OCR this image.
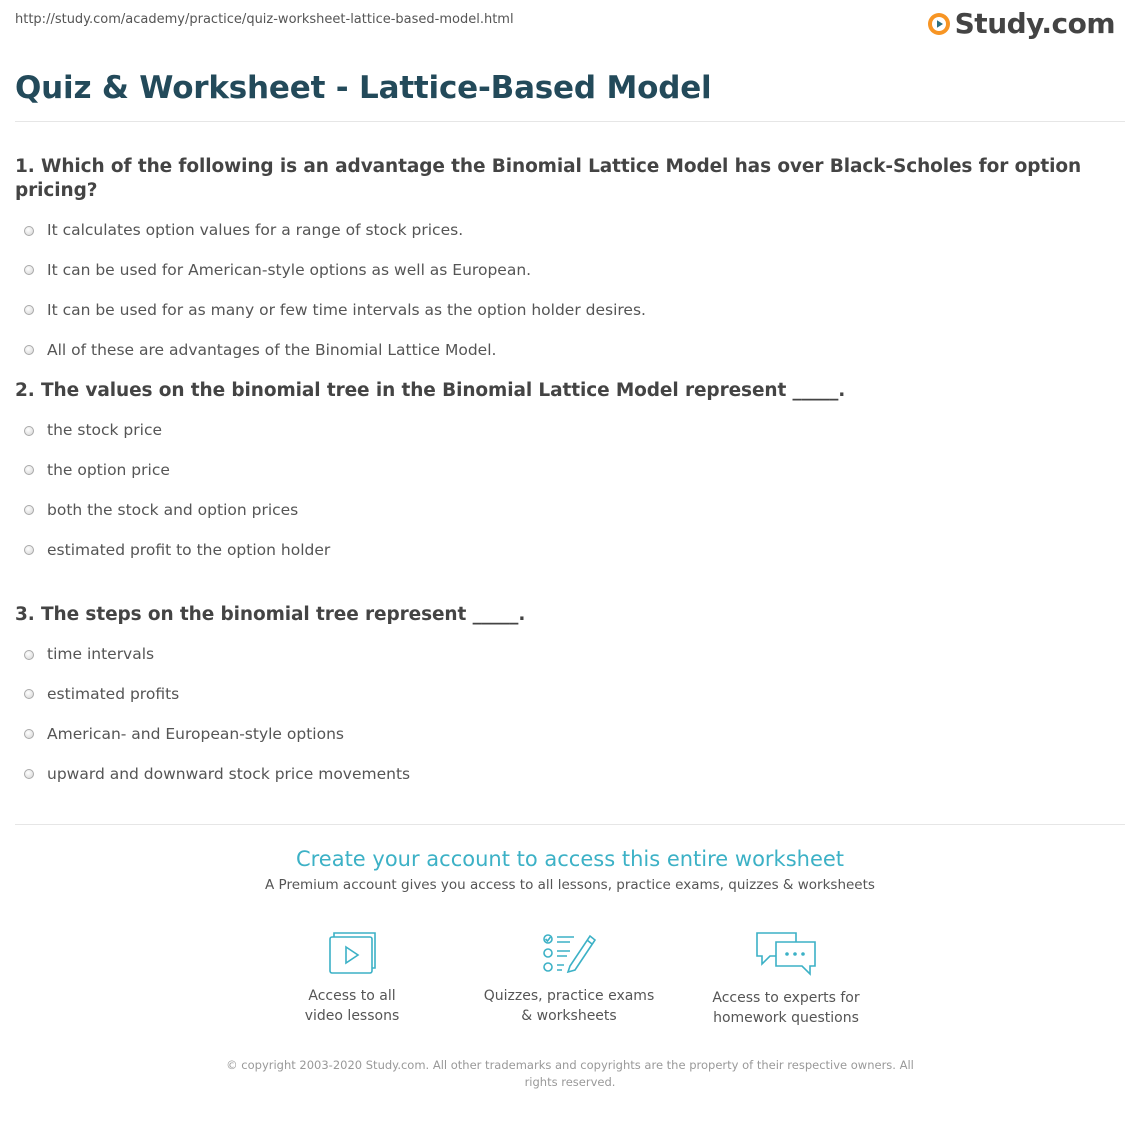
http://study.com/academy/practice/quiz-worksheet-lattice-based-model.html	Study.com
Quiz & Worksheet - Lattice-Based Model
1. Which of the following is an advantage the Binomial Lattice Model has over Black-Scholes for option pricing?
It calculates option values for a range of stock prices.
It can be used for American-style options as well as European.
It can be used for as many or few time intervals as the option holder desires.
All of these are advantages of the Binomial Lattice Model.
2. The values on the binomial tree in the Binomial Lattice Model represent _____.
the stock price
the option price
both the stock and option prices
estimated profit to the option holder
3. The steps on the binomial tree represent _____.
time intervals
estimated profits
American- and European-style options
upward and downward stock price movements
Create your account to access this entire worksheet
A Premium account gives you access to all lessons, practice exams, quizzes & worksheets
Access to all
video lessons
Quizzes, practice exams
& worksheets
Access to experts for
homework questions
© copyright 2003-2020 Study.com. All other trademarks and copyrights are the property of their respective owners. All rights reserved.
